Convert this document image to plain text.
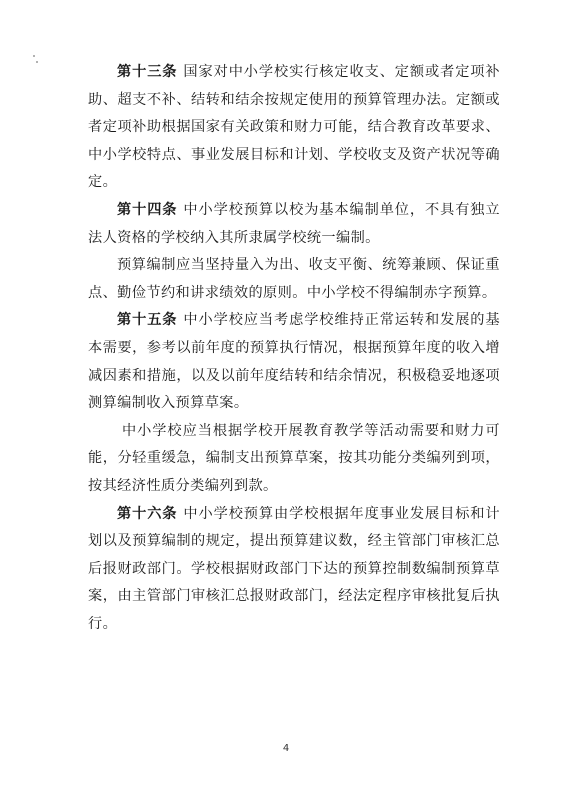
第十三条 国家对中小学校实行核定收支、定额或者定项补助、超支不补、结转和结余按规定使用的预算管理办法。定额或者定项补助根据国家有关政策和财力可能，结合教育改革要求、中小学校特点、事业发展目标和计划、学校收支及资产状况等确定。

第十四条 中小学校预算以校为基本编制单位，不具有独立法人资格的学校纳入其所隶属学校统一编制。

预算编制应当坚持量入为出、收支平衡、统筹兼顾、保证重点、勤俭节约和讲求绩效的原则。中小学校不得编制赤字预算。

第十五条 中小学校应当考虑学校维持正常运转和发展的基本需要，参考以前年度的预算执行情况，根据预算年度的收入增减因素和措施，以及以前年度结转和结余情况，积极稳妥地逐项测算编制收入预算草案。

中小学校应当根据学校开展教育教学等活动需要和财力可能，分轻重缓急，编制支出预算草案，按其功能分类编列到项，按其经济性质分类编列到款。

第十六条 中小学校预算由学校根据年度事业发展目标和计划以及预算编制的规定，提出预算建议数，经主管部门审核汇总后报财政部门。学校根据财政部门下达的预算控制数编制预算草案，由主管部门审核汇总报财政部门，经法定程序审核批复后执行。

4
